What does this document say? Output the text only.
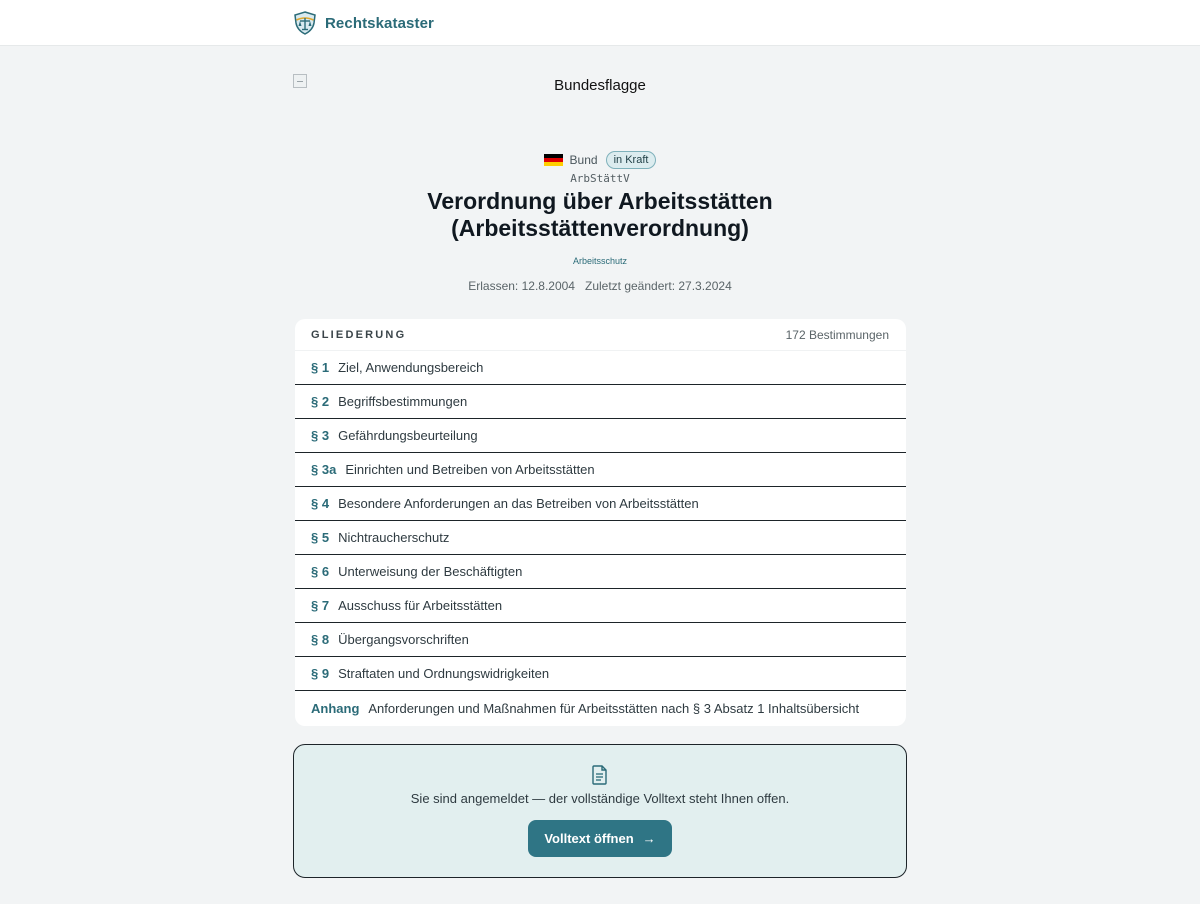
Rechtskataster
Bundesflagge
Bund	in Kraft
ArbStättV
Verordnung über Arbeitsstätten (Arbeitsstättenverordnung)
Arbeitsschutz
Erlassen: 12.8.2004 Zuletzt geändert: 27.3.2024
GLIEDERUNG	172 Bestimmungen
§ 1 Ziel, Anwendungsbereich
§ 2 Begriffsbestimmungen
§ 3 Gefährdungsbeurteilung
§ 3a Einrichten und Betreiben von Arbeitsstätten
§ 4 Besondere Anforderungen an das Betreiben von Arbeitsstätten
§ 5 Nichtraucherschutz
§ 6 Unterweisung der Beschäftigten
§ 7 Ausschuss für Arbeitsstätten
§ 8 Übergangsvorschriften
§ 9 Straftaten und Ordnungswidrigkeiten
Anhang Anforderungen und Maßnahmen für Arbeitsstätten nach § 3 Absatz 1 Inhaltsübersicht

Sie sind angemeldet — der vollständige Volltext steht Ihnen offen.

Volltext öffnen →
